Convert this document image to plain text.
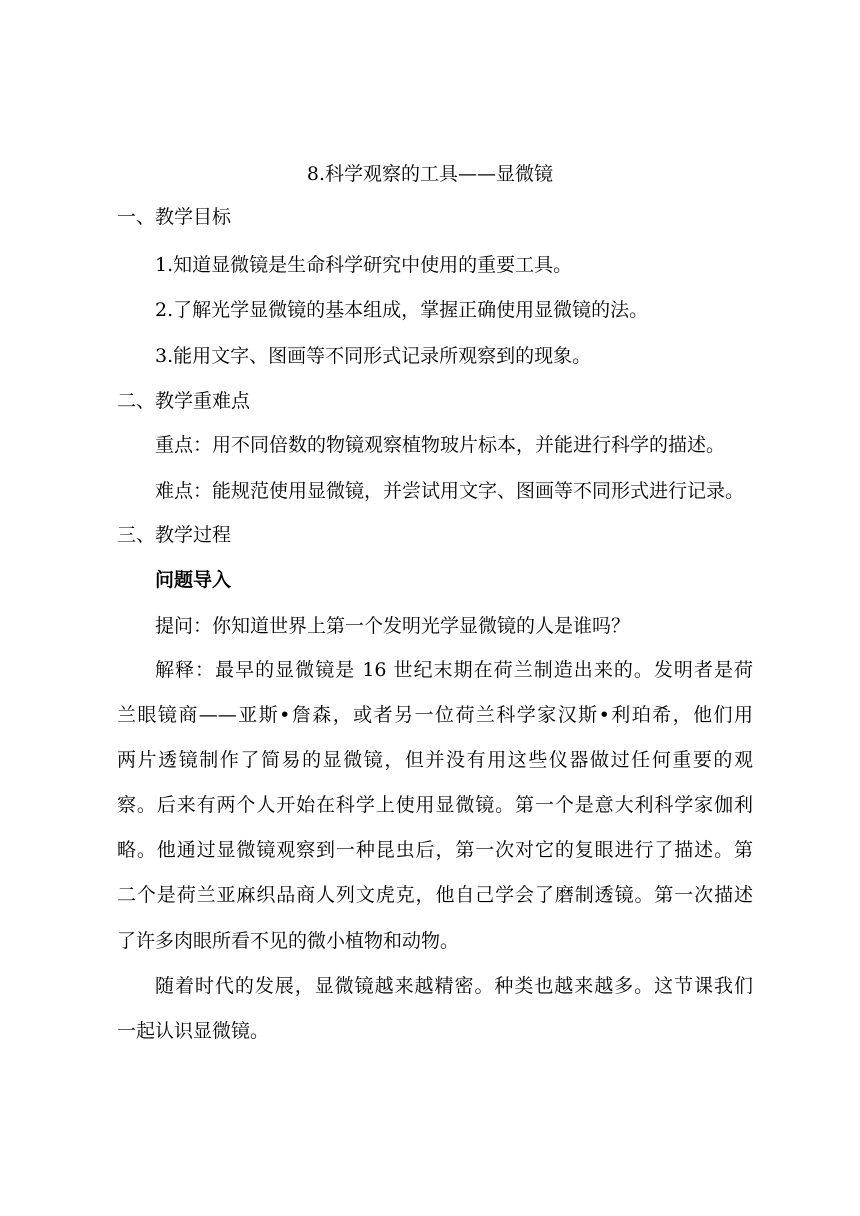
8.科学观察的工具——显微镜
一、教学目标
1.知道显微镜是生命科学研究中使用的重要工具。
2.了解光学显微镜的基本组成，掌握正确使用显微镜的法。
3.能用文字、图画等不同形式记录所观察到的现象。
二、教学重难点
重点：用不同倍数的物镜观察植物玻片标本，并能进行科学的描述。
难点：能规范使用显微镜，并尝试用文字、图画等不同形式进行记录。
三、教学过程
问题导入
提问：你知道世界上第一个发明光学显微镜的人是谁吗？
解释：最早的显微镜是 16 世纪末期在荷兰制造出来的。发明者是荷
兰眼镜商——亚斯•詹森，或者另一位荷兰科学家汉斯•利珀希，他们用
两片透镜制作了简易的显微镜，但并没有用这些仪器做过任何重要的观
察。后来有两个人开始在科学上使用显微镜。第一个是意大利科学家伽利
略。他通过显微镜观察到一种昆虫后，第一次对它的复眼进行了描述。第
二个是荷兰亚麻织品商人列文虎克，他自己学会了磨制透镜。第一次描述
了许多肉眼所看不见的微小植物和动物。
随着时代的发展，显微镜越来越精密。种类也越来越多。这节课我们
一起认识显微镜。
